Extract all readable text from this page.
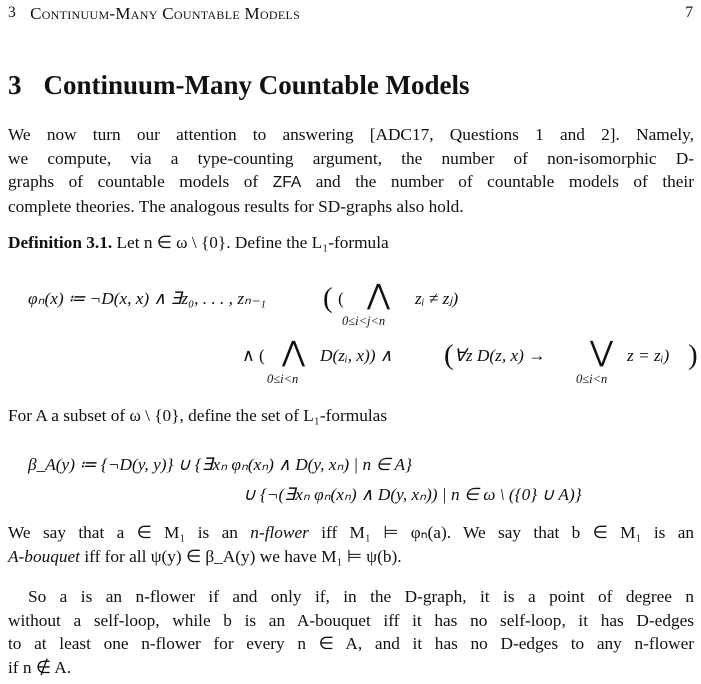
3 Continuum-Many Countable Models	7
3 Continuum-Many Countable Models
We now turn our attention to answering [ADC17, Questions 1 and 2]. Namely,
we compute, via a type-counting argument, the number of non-isomorphic D-
graphs of countable models of ZFA and the number of countable models of their
complete theories. The analogous results for SD-graphs also hold.
Definition 3.1. Let n ∈ ω \ {0}. Define the L₁-formula
φₙ(x) ≔ ¬D(x, x) ∧ ∃z₀, . . . , zₙ₋₁ ( ( ⋀
0≤i<j<n
zᵢ ≠ zⱼ)
∧ ( ⋀
0≤i<n
D(zᵢ, x)) ∧ ( ∀z D(z, x) → ⋁
0≤i<n
z = zᵢ) )
For A a subset of ω \ {0}, define the set of L₁-formulas
β_A(y) ≔ {¬D(y, y)} ∪ {∃xₙ φₙ(xₙ) ∧ D(y, xₙ) | n ∈ A}
∪ {¬(∃xₙ φₙ(xₙ) ∧ D(y, xₙ)) | n ∈ ω \ ({0} ∪ A)}
We say that a ∈ M₁ is an n-flower iff M₁ ⊨ φₙ(a). We say that b ∈ M₁ is an
A-bouquet iff for all ψ(y) ∈ β_A(y) we have M₁ ⊨ ψ(b).
So a is an n-flower if and only if, in the D-graph, it is a point of degree n
without a self-loop, while b is an A-bouquet iff it has no self-loop, it has D-edges
to at least one n-flower for every n ∈ A, and it has no D-edges to any n-flower
if n ∉ A.
